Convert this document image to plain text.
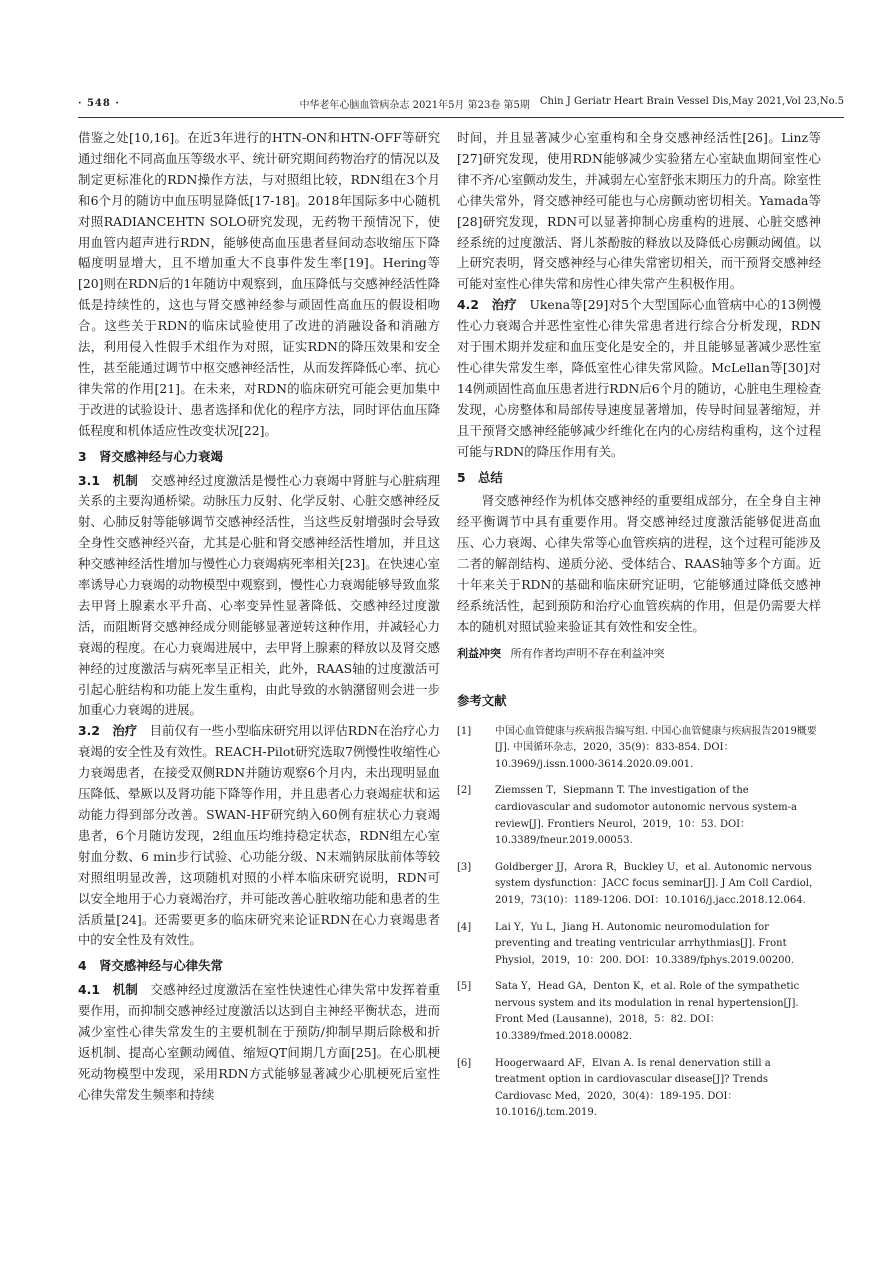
· 548 ·	中华老年心脑血管病杂志 2021年5月 第23卷 第5期 Chin J Geriatr Heart Brain Vessel Dis,May 2021,Vol 23,No.5

借鉴之处[10,16]。在近3年进行的HTN-ON和HTN-OFF等研究通过细化不同高血压等级水平、统计研究期间药物治疗的情况以及制定更标准化的RDN操作方法，与对照组比较，RDN组在3个月和6个月的随访中血压明显降低[17-18]。2018年国际多中心随机对照RADIANCEHTN SOLO研究发现，无药物干预情况下，使用血管内超声进行RDN，能够使高血压患者昼间动态收缩压下降幅度明显增大，且不增加重大不良事件发生率[19]。Hering等[20]则在RDN后的1年随访中观察到，血压降低与交感神经活性降低是持续性的，这也与肾交感神经参与顽固性高血压的假设相吻合。这些关于RDN的临床试验使用了改进的消融设备和消融方法，利用侵入性假手术组作为对照，证实RDN的降压效果和安全性，甚至能通过调节中枢交感神经活性，从而发挥降低心率、抗心律失常的作用[21]。在未来，对RDN的临床研究可能会更加集中于改进的试验设计、患者选择和优化的程序方法，同时评估血压降低程度和机体适应性改变状况[22]。

3　肾交感神经与心力衰竭

3.1　机制　 交感神经过度激活是慢性心力衰竭中肾脏与心脏病理关系的主要沟通桥梁。动脉压力反射、化学反射、心脏交感神经反射、心肺反射等能够调节交感神经活性，当这些反射增强时会导致全身性交感神经兴奋，尤其是心脏和肾交感神经活性增加，并且这种交感神经活性增加与慢性心力衰竭病死率相关[23]。在快速心室率诱导心力衰竭的动物模型中观察到，慢性心力衰竭能够导致血浆去甲肾上腺素水平升高、心率变异性显著降低、交感神经过度激活，而阻断肾交感神经成分则能够显著逆转这种作用，并减轻心力衰竭的程度。在心力衰竭进展中，去甲肾上腺素的释放以及肾交感神经的过度激活与病死率呈正相关，此外，RAAS轴的过度激活可引起心脏结构和功能上发生重构，由此导致的水钠潴留则会进一步加重心力衰竭的进展。

3.2　治疗　 目前仅有一些小型临床研究用以评估RDN在治疗心力衰竭的安全性及有效性。REACH-Pilot研究选取7例慢性收缩性心力衰竭患者，在接受双侧RDN并随访观察6个月内，未出现明显血压降低、晕厥以及肾功能下降等作用，并且患者心力衰竭症状和运动能力得到部分改善。SWAN-HF研究纳入60例有症状心力衰竭患者，6个月随访发现，2组血压均维持稳定状态，RDN组左心室射血分数、6 min步行试验、心功能分级、N末端钠尿肽前体等较对照组明显改善，这项随机对照的小样本临床研究说明，RDN可以安全地用于心力衰竭治疗，并可能改善心脏收缩功能和患者的生活质量[24]。还需要更多的临床研究来论证RDN在心力衰竭患者中的安全性及有效性。

4　肾交感神经与心律失常

4.1　机制　 交感神经过度激活在室性快速性心律失常中发挥着重要作用，而抑制交感神经过度激活以达到自主神经平衡状态，进而减少室性心律失常发生的主要机制在于预防/抑制早期后除极和折返机制、提高心室颤动阈值、缩短QT间期几方面[25]。在心肌梗死动物模型中发现，采用RDN方式能够显著减少心肌梗死后室性心律失常发生频率和持续

时间，并且显著减少心室重构和全身交感神经活性[26]。Linz等[27]研究发现，使用RDN能够减少实验猪左心室缺血期间室性心律不齐/心室颤动发生，并减弱左心室舒张末期压力的升高。除室性心律失常外，肾交感神经可能也与心房颤动密切相关。Yamada等[28]研究发现，RDN可以显著抑制心房重构的进展、心脏交感神经系统的过度激活、肾儿茶酚胺的释放以及降低心房颤动阈值。以上研究表明，肾交感神经与心律失常密切相关，而干预肾交感神经可能对室性心律失常和房性心律失常产生积极作用。

4.2　治疗　 Ukena等[29]对5个大型国际心血管病中心的13例慢性心力衰竭合并恶性室性心律失常患者进行综合分析发现，RDN对于围术期并发症和血压变化是安全的，并且能够显著减少恶性室性心律失常发生率，降低室性心律失常风险。McLellan等[30]对14例顽固性高血压患者进行RDN后6个月的随访，心脏电生理检查发现，心房整体和局部传导速度显著增加，传导时间显著缩短，并且干预肾交感神经能够减少纤维化在内的心房结构重构，这个过程可能与RDN的降压作用有关。

5　总结

肾交感神经作为机体交感神经的重要组成部分，在全身自主神经平衡调节中具有重要作用。肾交感神经过度激活能够促进高血压、心力衰竭、心律失常等心血管疾病的进程，这个过程可能涉及二者的解剖结构、递质分泌、受体结合、RAAS轴等多个方面。近十年来关于RDN的基础和临床研究证明，它能够通过降低交感神经系统活性，起到预防和治疗心血管疾病的作用，但是仍需要大样本的随机对照试验来验证其有效性和安全性。

利益冲突 所有作者均声明不存在利益冲突
参考文献
[1]	中国心血管健康与疾病报告编写组. 中国心血管健康与疾病报告2019概要[J]. 中国循环杂志，2020，35(9)：833-854. DOI：10.3969/j.issn.1000-3614.2020.09.001.
[2]	Ziemssen T，Siepmann T. The investigation of the cardiovascular and sudomotor autonomic nervous system-a review[J]. Frontiers Neurol，2019，10：53. DOI：10.3389/fneur.2019.00053.
[3]	Goldberger JJ，Arora R，Buckley U，et al. Autonomic nervous system dysfunction：JACC focus seminar[J]. J Am Coll Cardiol，2019，73(10)：1189-1206. DOI：10.1016/j.jacc.2018.12.064.
[4]	Lai Y，Yu L，Jiang H. Autonomic neuromodulation for preventing and treating ventricular arrhythmias[J]. Front Physiol，2019，10：200. DOI：10.3389/fphys.2019.00200.
[5]	Sata Y，Head GA，Denton K，et al. Role of the sympathetic nervous system and its modulation in renal hypertension[J]. Front Med (Lausanne)，2018，5：82. DOI：10.3389/fmed.2018.00082.
[6]	Hoogerwaard AF，Elvan A. Is renal denervation still a treatment option in cardiovascular disease[J]? Trends Cardiovasc Med，2020，30(4)：189-195. DOI：10.1016/j.tcm.2019.
